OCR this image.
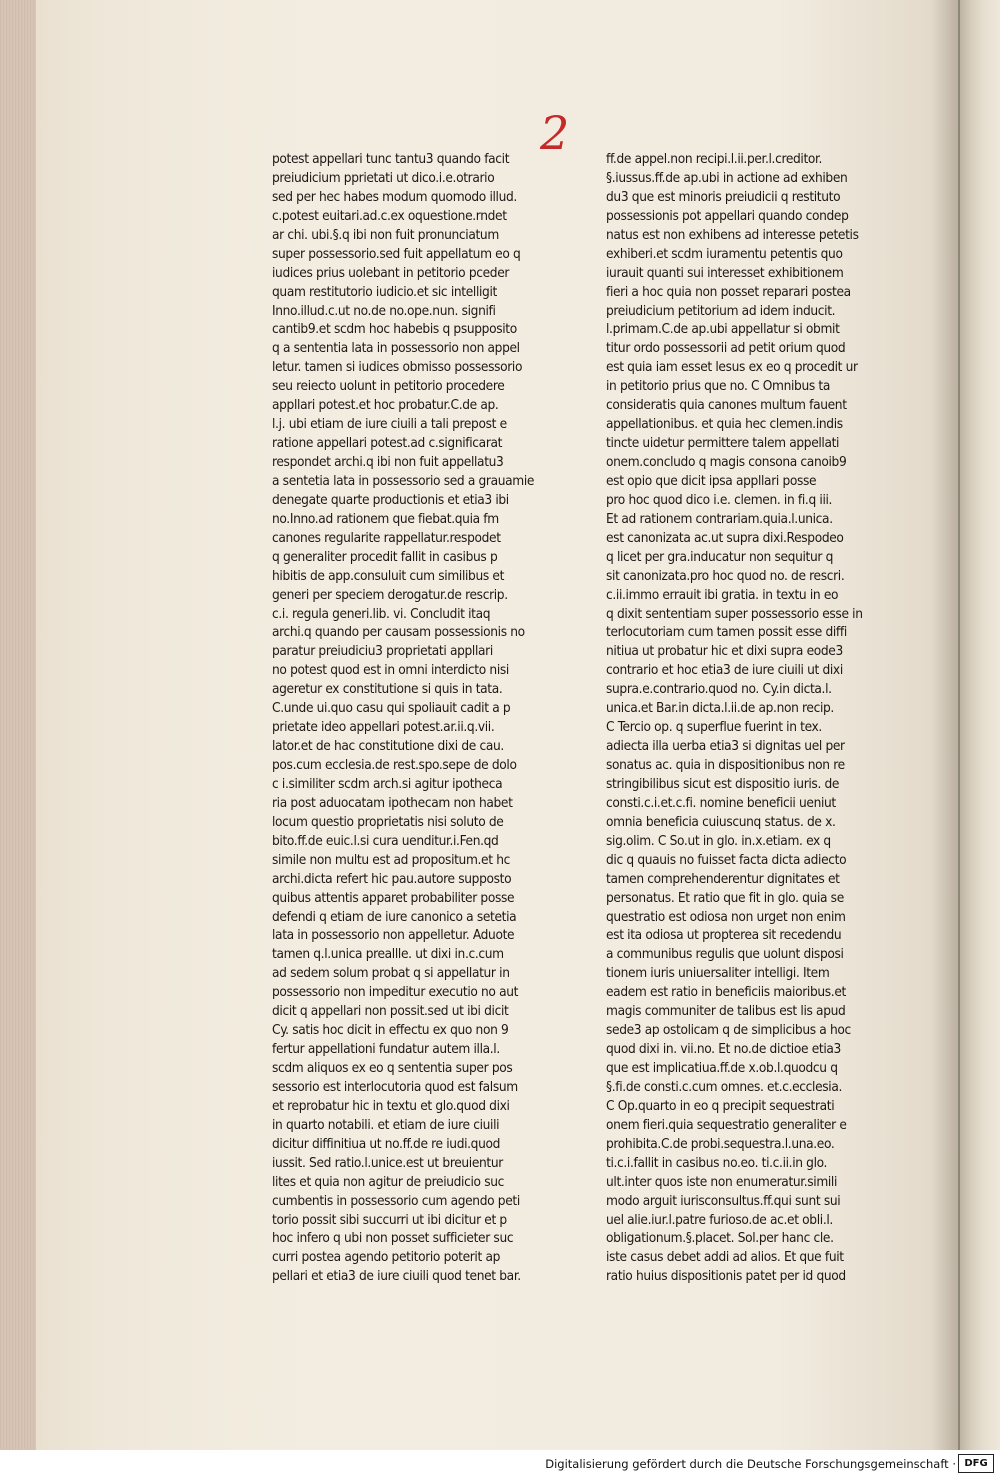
2
potest appellari tunc tantu3 quando facit
preiudicium pprietati ut dico.i.e.otrario
sed per hec habes modum quomodo illud.
c.potest euitari.ad.c.ex oquestione.rndet
ar chi. ubi.§.q ibi non fuit pronunciatum
super possessorio.sed fuit appellatum eo q
iudices prius uolebant in petitorio pceder
quam restitutorio iudicio.et sic intelligit
Inno.illud.c.ut no.de no.ope.nun. signifi
cantib9.et scdm hoc habebis q psupposito
q a sententia lata in possessorio non appel
letur. tamen si iudices obmisso possessorio
seu reiecto uolunt in petitorio procedere
appllari potest.et hoc probatur.C.de ap.
l.j. ubi etiam de iure ciuili a tali prepost e
ratione appellari potest.ad c.significarat
respondet archi.q ibi non fuit appellatu3
a sentetia lata in possessorio sed a grauamie
denegate quarte productionis et etia3 ibi
no.Inno.ad rationem que fiebat.quia fm
canones regularite rappellatur.respodet
q generaliter procedit fallit in casibus p
hibitis de app.consuluit cum similibus et
generi per speciem derogatur.de rescrip.
c.i. regula generi.lib. vi. Concludit itaq
archi.q quando per causam possessionis no
paratur preiudiciu3 proprietati appllari
no potest quod est in omni interdicto nisi
ageretur ex constitutione si quis in tata.
C.unde ui.quo casu qui spoliauit cadit a p
prietate ideo appellari potest.ar.ii.q.vii.
lator.et de hac constitutione dixi de cau.
pos.cum ecclesia.de rest.spo.sepe de dolo
c i.similiter scdm arch.si agitur ipotheca
ria post aduocatam ipothecam non habet
locum questio proprietatis nisi soluto de
bito.ff.de euic.l.si cura uenditur.i.Fen.qd
simile non multu est ad propositum.et hc
archi.dicta refert hic pau.autore supposto
quibus attentis apparet probabiliter posse
defendi q etiam de iure canonico a setetia
lata in possessorio non appelletur. Aduote
tamen q.l.unica preallle. ut dixi in.c.cum
ad sedem solum probat q si appellatur in
possessorio non impeditur executio no aut
dicit q appellari non possit.sed ut ibi dicit
Cy. satis hoc dicit in effectu ex quo non 9
fertur appellationi fundatur autem illa.l.
scdm aliquos ex eo q sententia super pos
sessorio est interlocutoria quod est falsum
et reprobatur hic in textu et glo.quod dixi
in quarto notabili. et etiam de iure ciuili
dicitur diffinitiua ut no.ff.de re iudi.quod
iussit. Sed ratio.l.unice.est ut breuientur
lites et quia non agitur de preiudicio suc
cumbentis in possessorio cum agendo peti
torio possit sibi succurri ut ibi dicitur et p
hoc infero q ubi non posset sufficieter suc
curri postea agendo petitorio poterit ap
pellari et etia3 de iure ciuili quod tenet bar.
ff.de appel.non recipi.l.ii.per.l.creditor.
§.iussus.ff.de ap.ubi in actione ad exhiben
du3 que est minoris preiudicii q restituto
possessionis pot appellari quando condep
natus est non exhibens ad interesse petetis
exhiberi.et scdm iuramentu petentis quo
iurauit quanti sui interesset exhibitionem
fieri a hoc quia non posset reparari postea
preiudicium petitorium ad idem inducit.
l.primam.C.de ap.ubi appellatur si obmit
titur ordo possessorii ad petit orium quod
est quia iam esset lesus ex eo q procedit ur
in petitorio prius que no. C Omnibus ta
consideratis quia canones multum fauent
appellationibus. et quia hec clemen.indis
tincte uidetur permittere talem appellati
onem.concludo q magis consona canoib9
est opio que dicit ipsa appllari posse
pro hoc quod dico i.e. clemen. in fi.q iii.
Et ad rationem contrariam.quia.l.unica.
est canonizata ac.ut supra dixi.Respodeo
q licet per gra.inducatur non sequitur q
sit canonizata.pro hoc quod no. de rescri.
c.ii.immo errauit ibi gratia. in textu in eo
q dixit sententiam super possessorio esse in
terlocutoriam cum tamen possit esse diffi
nitiua ut probatur hic et dixi supra eode3
contrario et hoc etia3 de iure ciuili ut dixi
supra.e.contrario.quod no. Cy.in dicta.l.
unica.et Bar.in dicta.l.ii.de ap.non recip.
C Tercio op. q superflue fuerint in tex.
adiecta illa uerba etia3 si dignitas uel per
sonatus ac. quia in dispositionibus non re
stringibilibus sicut est dispositio iuris. de
consti.c.i.et.c.fi. nomine beneficii ueniut
omnia beneficia cuiuscunq status. de x.
sig.olim. C So.ut in glo. in.x.etiam. ex q
dic q quauis no fuisset facta dicta adiecto
tamen comprehenderentur dignitates et
personatus. Et ratio que fit in glo. quia se
questratio est odiosa non urget non enim
est ita odiosa ut propterea sit recedendu
a communibus regulis que uolunt disposi
tionem iuris uniuersaliter intelligi. Item
eadem est ratio in beneficiis maioribus.et
magis communiter de talibus est lis apud
sede3 ap ostolicam q de simplicibus a hoc
quod dixi in. vii.no. Et no.de dictioe etia3
que est implicatiua.ff.de x.ob.l.quodcu q
§.fi.de consti.c.cum omnes. et.c.ecclesia.
C Op.quarto in eo q precipit sequestrati
onem fieri.quia sequestratio generaliter e
prohibita.C.de probi.sequestra.l.una.eo.
ti.c.i.fallit in casibus no.eo. ti.c.ii.in glo.
ult.inter quos iste non enumeratur.simili
modo arguit iurisconsultus.ff.qui sunt sui
uel alie.iur.l.patre furioso.de ac.et obli.l.
obligationum.§.placet. Sol.per hanc cle.
iste casus debet addi ad alios. Et que fuit
ratio huius dispositionis patet per id quod
Digitalisierung gefördert durch die Deutsche Forschungsgemeinschaft · DFG
